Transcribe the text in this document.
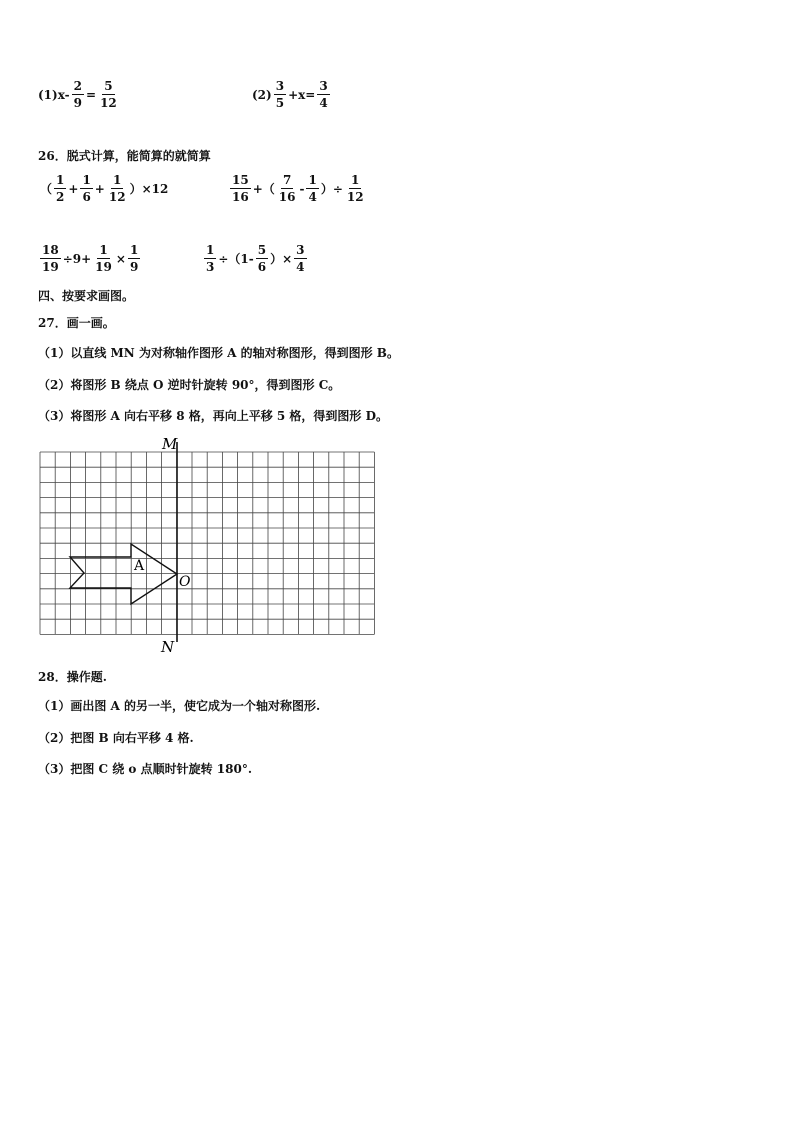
$(1)x- \frac{2}{9} = \frac{5}{12}$	$(2) \frac{3}{5} +x= \frac{3}{4}$
26．脱式计算，能简算的就简算
（ $\frac{1}{2} + \frac{1}{6} + \frac{1}{12} )\times 12$	$\frac{15}{16}$ +（ $\frac{7}{16} - \frac{1}{4}$ ）÷ $\frac{1}{12}$
$\frac{18}{19} \div 9+ \frac{1}{19} \times \frac{1}{9}$	$\frac{1}{3} \div(1- \frac{5}{6}$ ）× $\frac{3}{4}$
四、按要求画图。
27．画一画。
（1）以直线 MN 为对称轴作图形 A 的轴对称图形，得到图形 B。
（2）将图形 B 绕点 O 逆时针旋转 90°，得到图形 C。
（3）将图形 A 向右平移 8 格，再向上平移 5 格，得到图形 D。
M
N
A
O
28．操作题.
（1）画出图 A 的另一半，使它成为一个轴对称图形.
（2）把图 B 向右平移 4 格.
（3）把图 C 绕 o 点顺时针旋转 180°.
